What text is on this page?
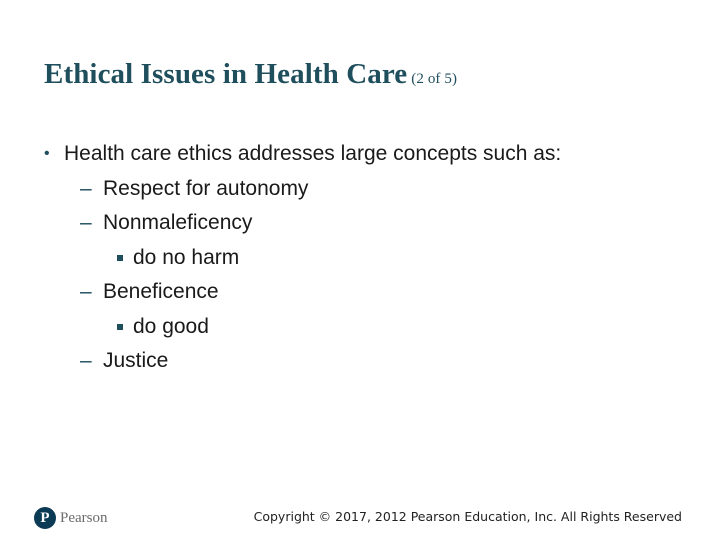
Ethical Issues in Health Care (2 of 5)
• Health care ethics addresses large concepts such as:
– Respect for autonomy
– Nonmaleficency
do no harm
– Beneficence
do good
– Justice
P Pearson	Copyright © 2017, 2012 Pearson Education, Inc. All Rights Reserved
